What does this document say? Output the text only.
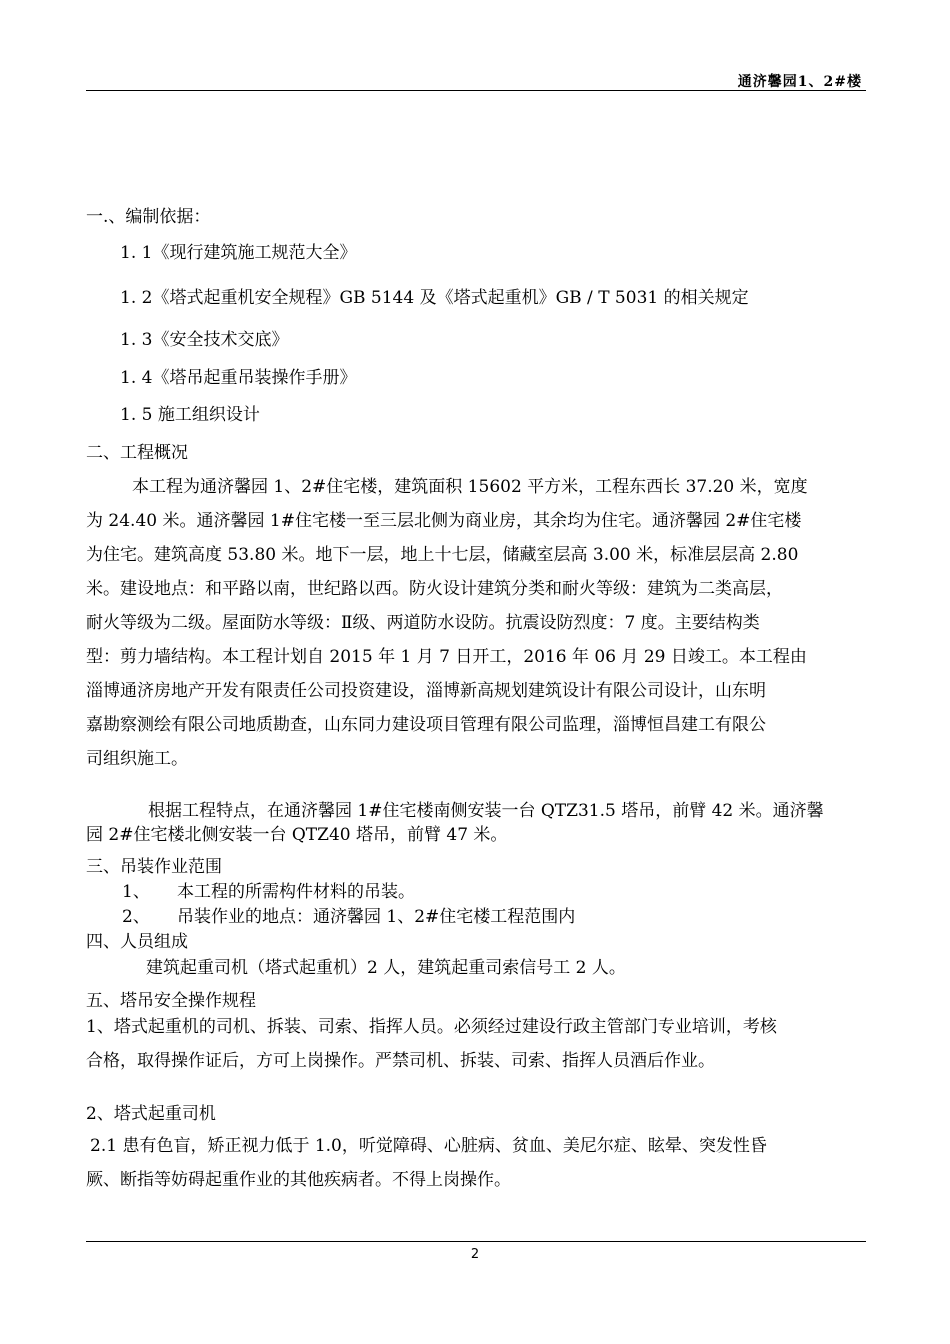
通济馨园1、2#楼
一.、编制依据：
1. 1《现行建筑施工规范大全》
1. 2《塔式起重机安全规程》GB 5144 及《塔式起重机》GB / T 5031 的相关规定
1. 3《安全技术交底》
1. 4《塔吊起重吊装操作手册》
1. 5 施工组织设计
二、工程概况
本工程为通济馨园 1、2#住宅楼，建筑面积 15602 平方米，工程东西长 37.20 米，宽度
为 24.40 米。通济馨园 1#住宅楼一至三层北侧为商业房，其余均为住宅。通济馨园 2#住宅楼
为住宅。建筑高度 53.80 米。地下一层，地上十七层，储藏室层高 3.00 米，标准层层高 2.80
米。建设地点：和平路以南，世纪路以西。防火设计建筑分类和耐火等级：建筑为二类高层，
耐火等级为二级。屋面防水等级：Ⅱ级、两道防水设防。抗震设防烈度：7 度。主要结构类
型：剪力墙结构。本工程计划自 2015 年 1 月 7 日开工，2016 年 06 月 29 日竣工。本工程由
淄博通济房地产开发有限责任公司投资建设，淄博新高规划建筑设计有限公司设计，山东明
嘉勘察测绘有限公司地质勘查，山东同力建设项目管理有限公司监理，淄博恒昌建工有限公
司组织施工。
根据工程特点，在通济馨园 1#住宅楼南侧安装一台 QTZ31.5 塔吊，前臂 42 米。通济馨
园 2#住宅楼北侧安装一台 QTZ40 塔吊，前臂 47 米。
三、吊装作业范围
1、 本工程的所需构件材料的吊装。
2、 吊装作业的地点：通济馨园 1、2#住宅楼工程范围内
四、人员组成
建筑起重司机（塔式起重机）2 人，建筑起重司索信号工 2 人。
五、塔吊安全操作规程
1、塔式起重机的司机、拆装、司索、指挥人员。必须经过建设行政主管部门专业培训，考核
合格，取得操作证后，方可上岗操作。严禁司机、拆装、司索、指挥人员酒后作业。
2、塔式起重司机
2.1 患有色盲，矫正视力低于 1.0，听觉障碍、心脏病、贫血、美尼尔症、眩晕、突发性昏
厥、断指等妨碍起重作业的其他疾病者。不得上岗操作。
2
